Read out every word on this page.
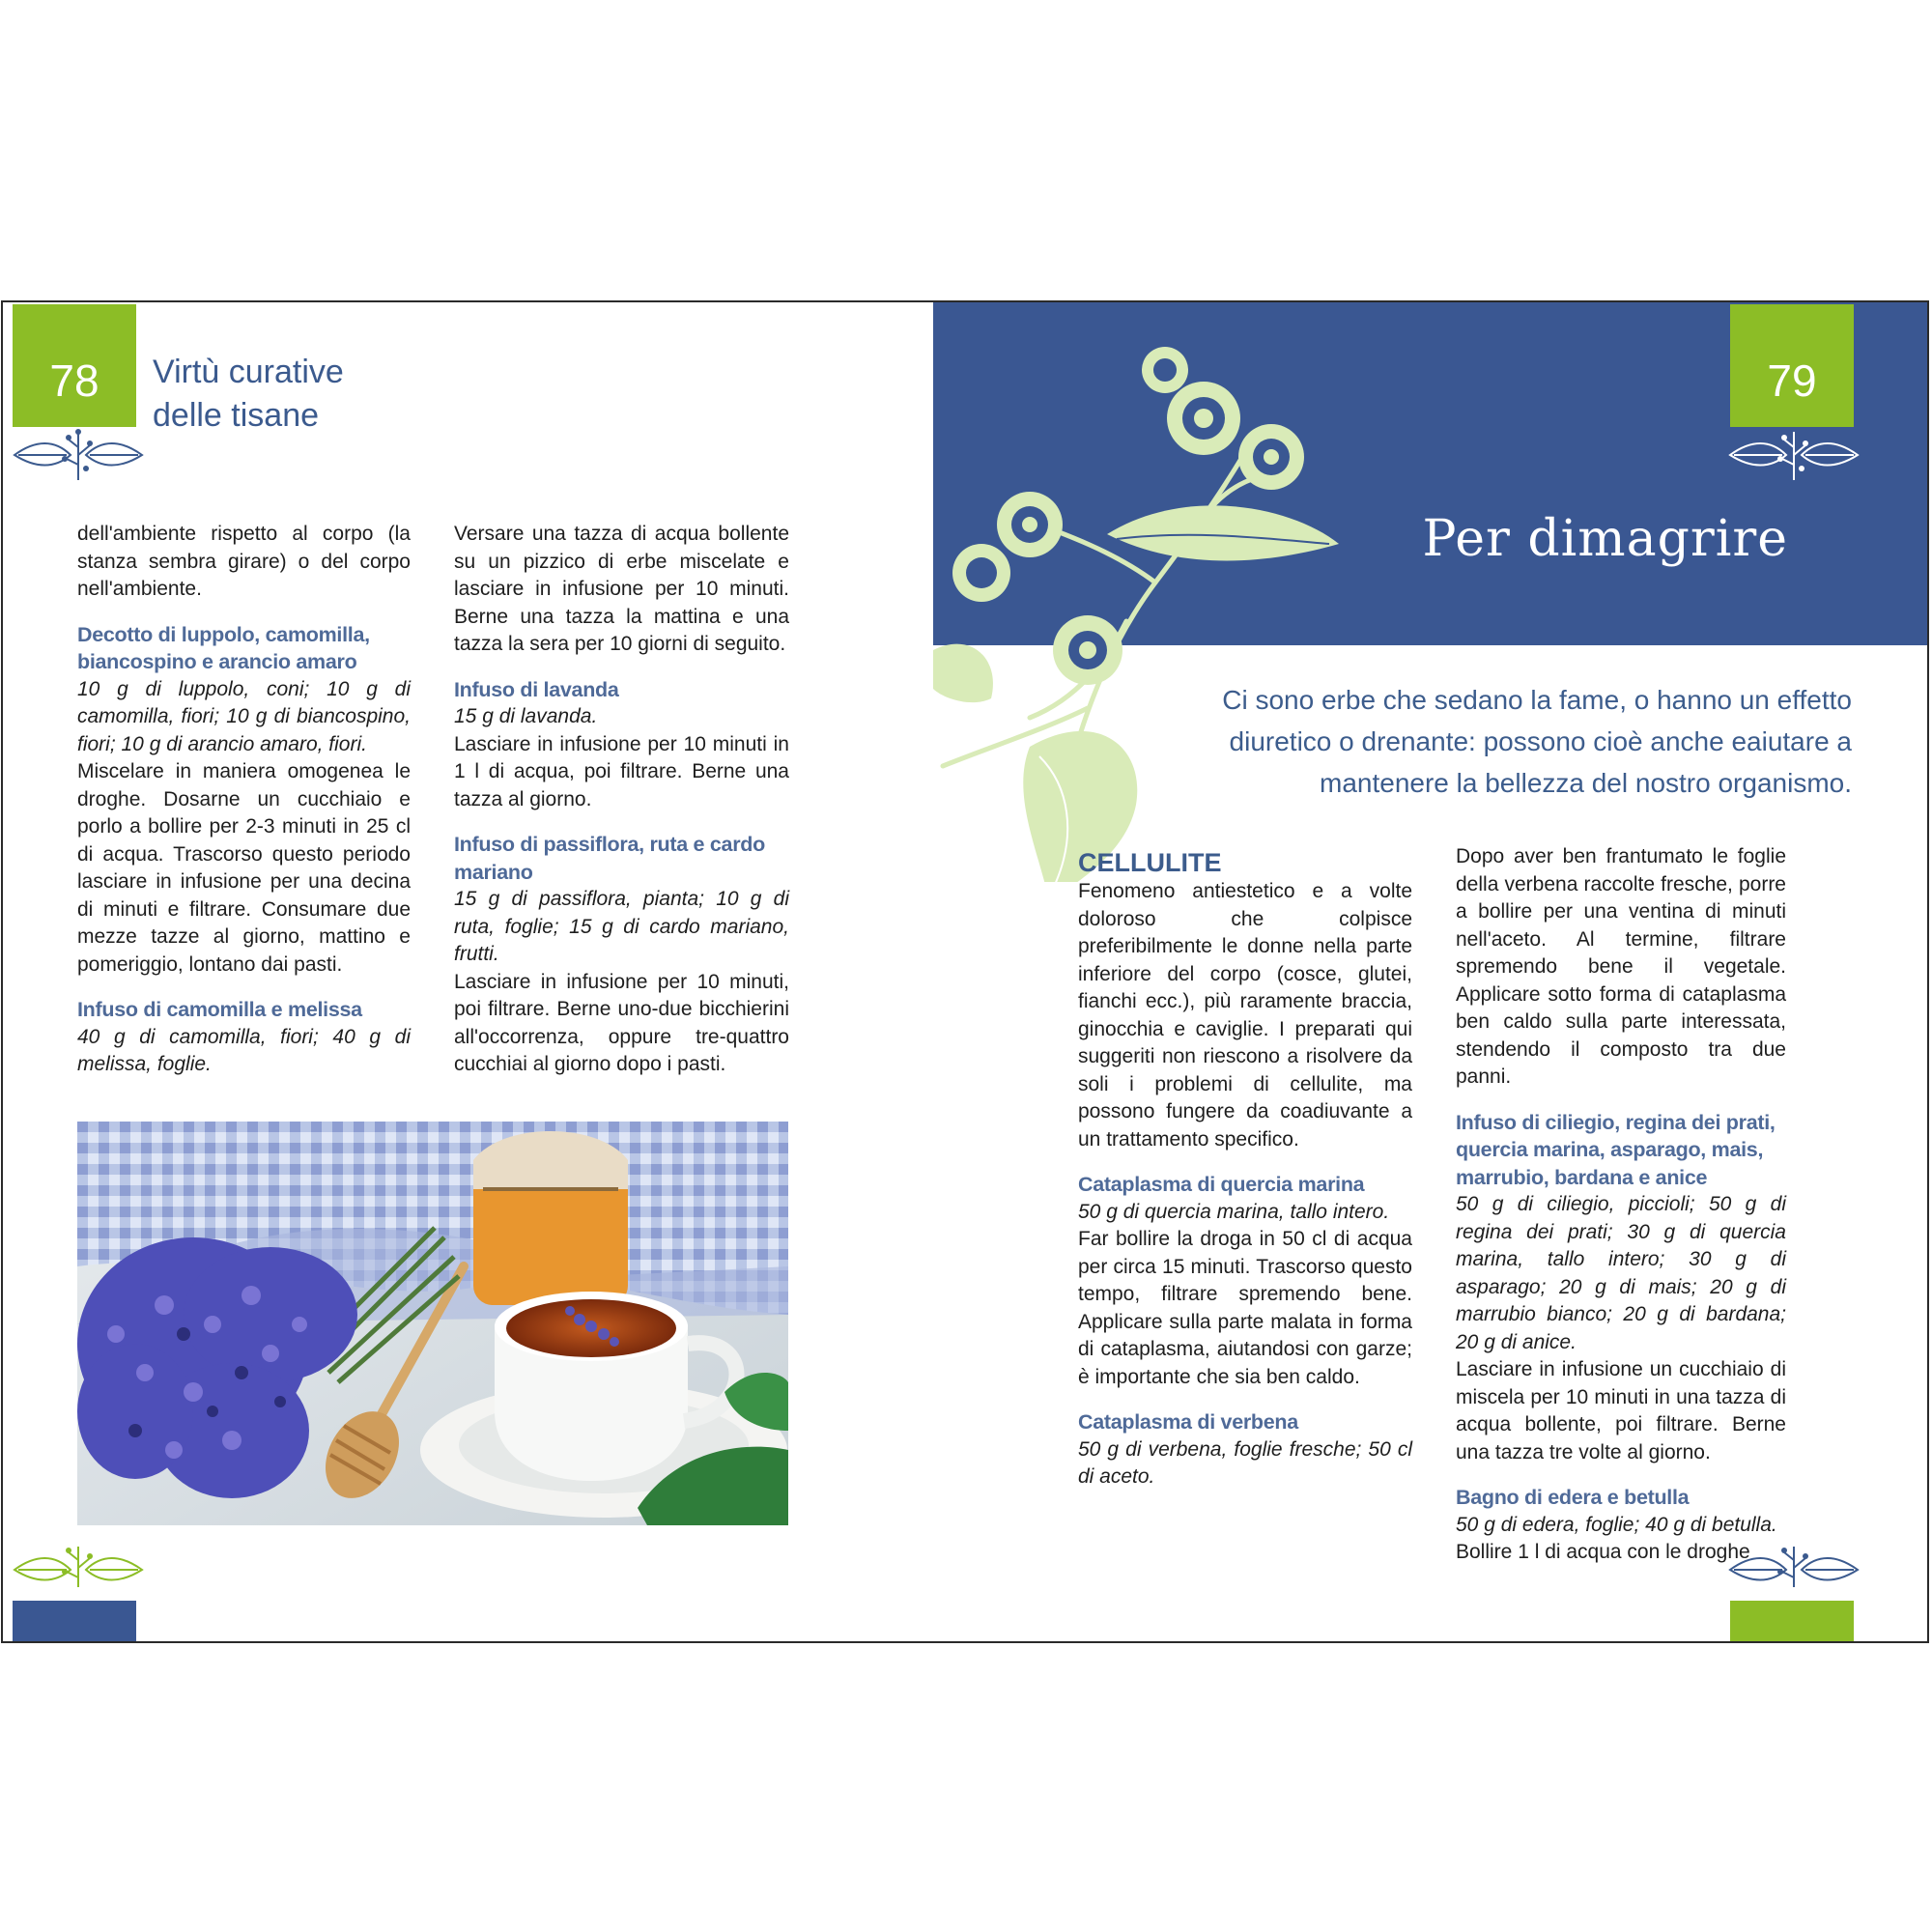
78	Virtù curative
delle tisane

dell'ambiente rispetto al corpo (la stanza sembra girare) o del corpo nell'ambiente.

Decotto di luppolo, camomilla, biancospino e arancio amaro

10 g di luppolo, coni; 10 g di camomilla, fiori; 10 g di biancospino, fiori; 10 g di arancio amaro, fiori.

Miscelare in maniera omogenea le droghe. Dosarne un cucchiaio e porlo a bollire per 2-3 minuti in 25 cl di acqua. Trascorso questo periodo lasciare in infusione per una decina di minuti e filtrare. Consumare due mezze tazze al giorno, mattino e pomeriggio, lontano dai pasti.

Infuso di camomilla e melissa

40 g di camomilla, fiori; 40 g di melissa, foglie.

Versare una tazza di acqua bollente su un pizzico di erbe miscelate e lasciare in infusione per 10 minuti. Berne una tazza la mattina e una tazza la sera per 10 giorni di seguito.

Infuso di lavanda

15 g di lavanda.

Lasciare in infusione per 10 minuti in 1 l di acqua, poi filtrare. Berne una tazza al giorno.

Infuso di passiflora, ruta e cardo mariano

15 g di passiflora, pianta; 10 g di ruta, foglie; 15 g di cardo mariano, frutti.

Lasciare in infusione per 10 minuti, poi filtrare. Berne uno-due bicchierini all'occorrenza, oppure tre-quattro cucchiai al giorno dopo i pasti.

79
Per dimagrire
Ci sono erbe che sedano la fame, o hanno un effetto
diuretico o drenante: possono cioè anche eaiutare a
mantenere la bellezza del nostro organismo.
CELLULITE

Fenomeno antiestetico e a volte doloroso che colpisce preferibilmente le donne nella parte inferiore del corpo (cosce, glutei, fianchi ecc.), più raramente braccia, ginocchia e caviglie. I preparati qui suggeriti non riescono a risolvere da soli i problemi di cellulite, ma possono fungere da coadiuvante a un trattamento specifico.

Cataplasma di quercia marina

50 g di quercia marina, tallo intero.

Far bollire la droga in 50 cl di acqua per circa 15 minuti. Trascorso questo tempo, filtrare spremendo bene. Applicare sulla parte malata in forma di cataplasma, aiutandosi con garze; è importante che sia ben caldo.

Cataplasma di verbena

50 g di verbena, foglie fresche; 50 cl di aceto.

Dopo aver ben frantumato le foglie della verbena raccolte fresche, porre a bollire per una ventina di minuti nell'aceto. Al termine, filtrare spremendo bene il vegetale. Applicare sotto forma di cataplasma ben caldo sulla parte interessata, stendendo il composto tra due panni.

Infuso di ciliegio, regina dei prati, quercia marina, asparago, mais, marrubio, bardana e anice

50 g di ciliegio, piccioli; 50 g di regina dei prati; 30 g di quercia marina, tallo intero; 30 g di asparago; 20 g di mais; 20 g di marrubio bianco; 20 g di bardana; 20 g di anice.

Lasciare in infusione un cucchiaio di miscela per 10 minuti in una tazza di acqua bollente, poi filtrare. Berne una tazza tre volte al giorno.

Bagno di edera e betulla

50 g di edera, foglie; 40 g di betulla.

Bollire 1 l di acqua con le droghe
